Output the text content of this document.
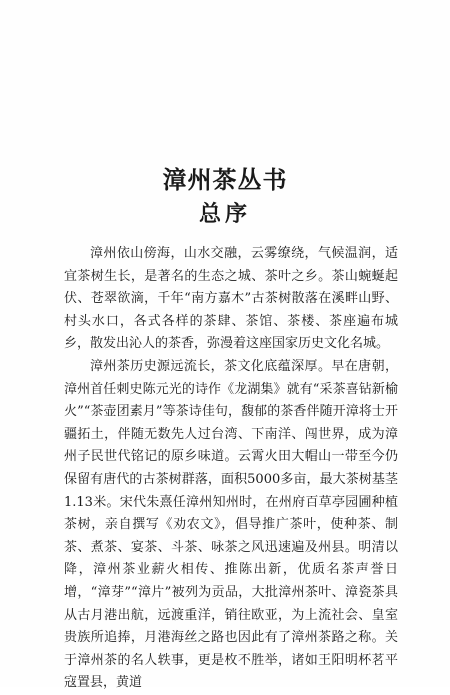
漳州茶丛书
总序

漳州依山傍海，山水交融，云雾缭绕，气候温润，适宜茶树生长，是著名的生态之城、茶叶之乡。茶山蜿蜒起伏、苍翠欲滴，千年“南方嘉木”古茶树散落在溪畔山野、村头水口，各式各样的茶肆、茶馆、茶楼、茶座遍布城乡，散发出沁人的茶香，弥漫着这座国家历史文化名城。

漳州茶历史源远流长，茶文化底蕴深厚。早在唐朝，漳州首任刺史陈元光的诗作《龙湖集》就有“采茶喜钻新榆火”“茶壶团素月”等茶诗佳句，馥郁的茶香伴随开漳将士开疆拓土，伴随无数先人过台湾、下南洋、闯世界，成为漳州子民世代铭记的原乡味道。云霄火田大帽山一带至今仍保留有唐代的古茶树群落，面积5000多亩，最大茶树基茎1.13米。宋代朱熹任漳州知州时，在州府百草亭园圃种植茶树，亲自撰写《劝农文》，倡导推广茶叶，使种茶、制茶、煮茶、宴茶、斗茶、咏茶之风迅速遍及州县。明清以降，漳州茶业薪火相传、推陈出新，优质名茶声誉日增，“漳芽”“漳片”被列为贡品，大批漳州茶叶、漳瓷茶具从古月港出航，远渡重洋，销往欧亚，为上流社会、皇室贵族所追捧，月港海丝之路也因此有了漳州茶路之称。关于漳州茶的名人轶事，更是枚不胜举，诸如王阳明杯茗平寇置县，黄道
